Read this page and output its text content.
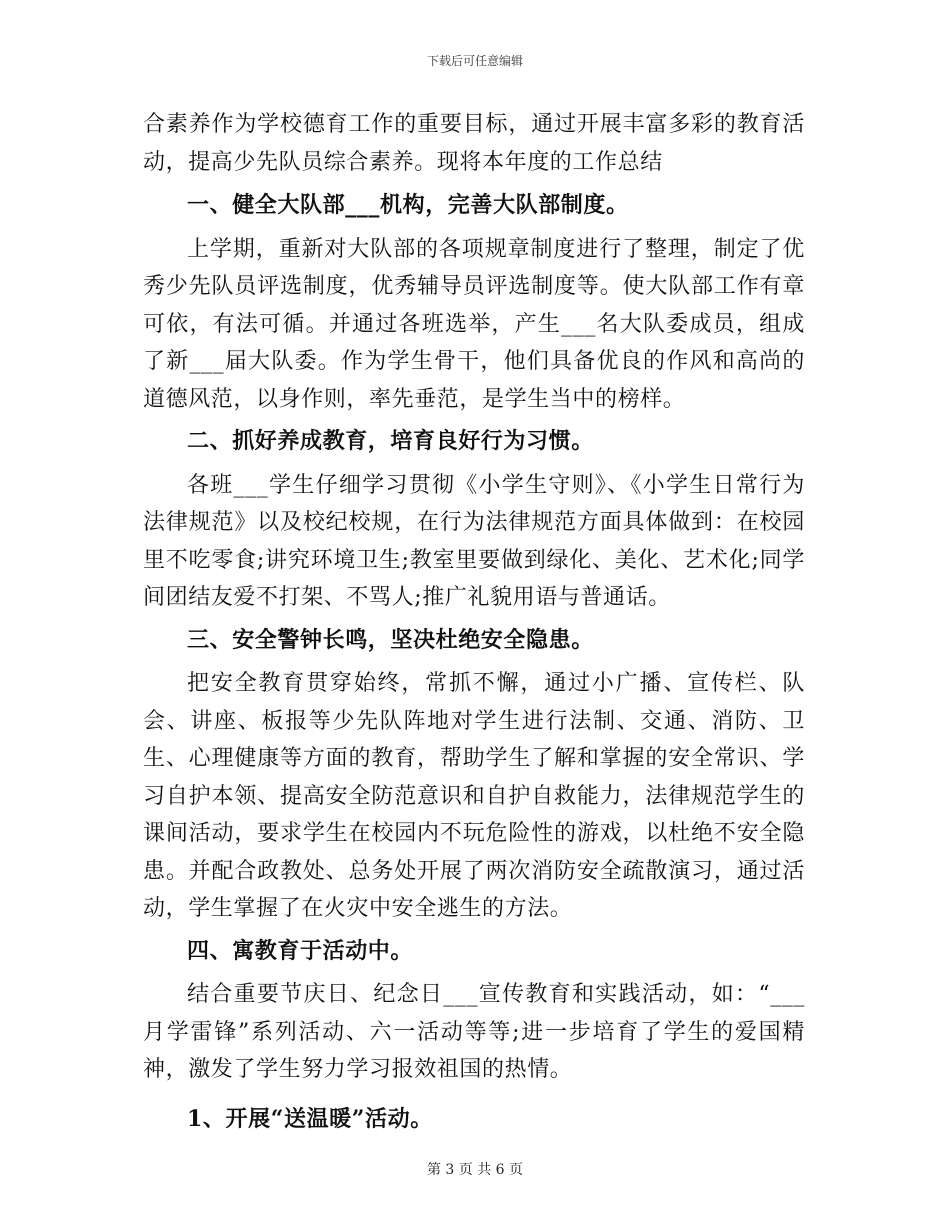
下载后可任意编辑

合素养作为学校德育工作的重要目标，通过开展丰富多彩的教育活动，提高少先队员综合素养。现将本年度的工作总结

一、健全大队部___机构，完善大队部制度。

上学期，重新对大队部的各项规章制度进行了整理，制定了优秀少先队员评选制度，优秀辅导员评选制度等。使大队部工作有章可依，有法可循。并通过各班选举，产生___名大队委成员，组成了新___届大队委。作为学生骨干，他们具备优良的作风和高尚的道德风范，以身作则，率先垂范，是学生当中的榜样。

二、抓好养成教育，培育良好行为习惯。

各班___学生仔细学习贯彻《小学生守则》、《小学生日常行为法律规范》以及校纪校规，在行为法律规范方面具体做到：在校园里不吃零食;讲究环境卫生;教室里要做到绿化、美化、艺术化;同学间团结友爱不打架、不骂人;推广礼貌用语与普通话。

三、安全警钟长鸣，坚决杜绝安全隐患。

把安全教育贯穿始终，常抓不懈，通过小广播、宣传栏、队会、讲座、板报等少先队阵地对学生进行法制、交通、消防、卫生、心理健康等方面的教育，帮助学生了解和掌握的安全常识、学习自护本领、提高安全防范意识和自护自救能力，法律规范学生的课间活动，要求学生在校园内不玩危险性的游戏，以杜绝不安全隐患。并配合政教处、总务处开展了两次消防安全疏散演习，通过活动，学生掌握了在火灾中安全逃生的方法。

四、寓教育于活动中。

结合重要节庆日、纪念日___宣传教育和实践活动，如：“___月学雷锋”系列活动、六一活动等等;进一步培育了学生的爱国精神，激发了学生努力学习报效祖国的热情。

1、开展“送温暖”活动。

第 3 页 共 6 页
